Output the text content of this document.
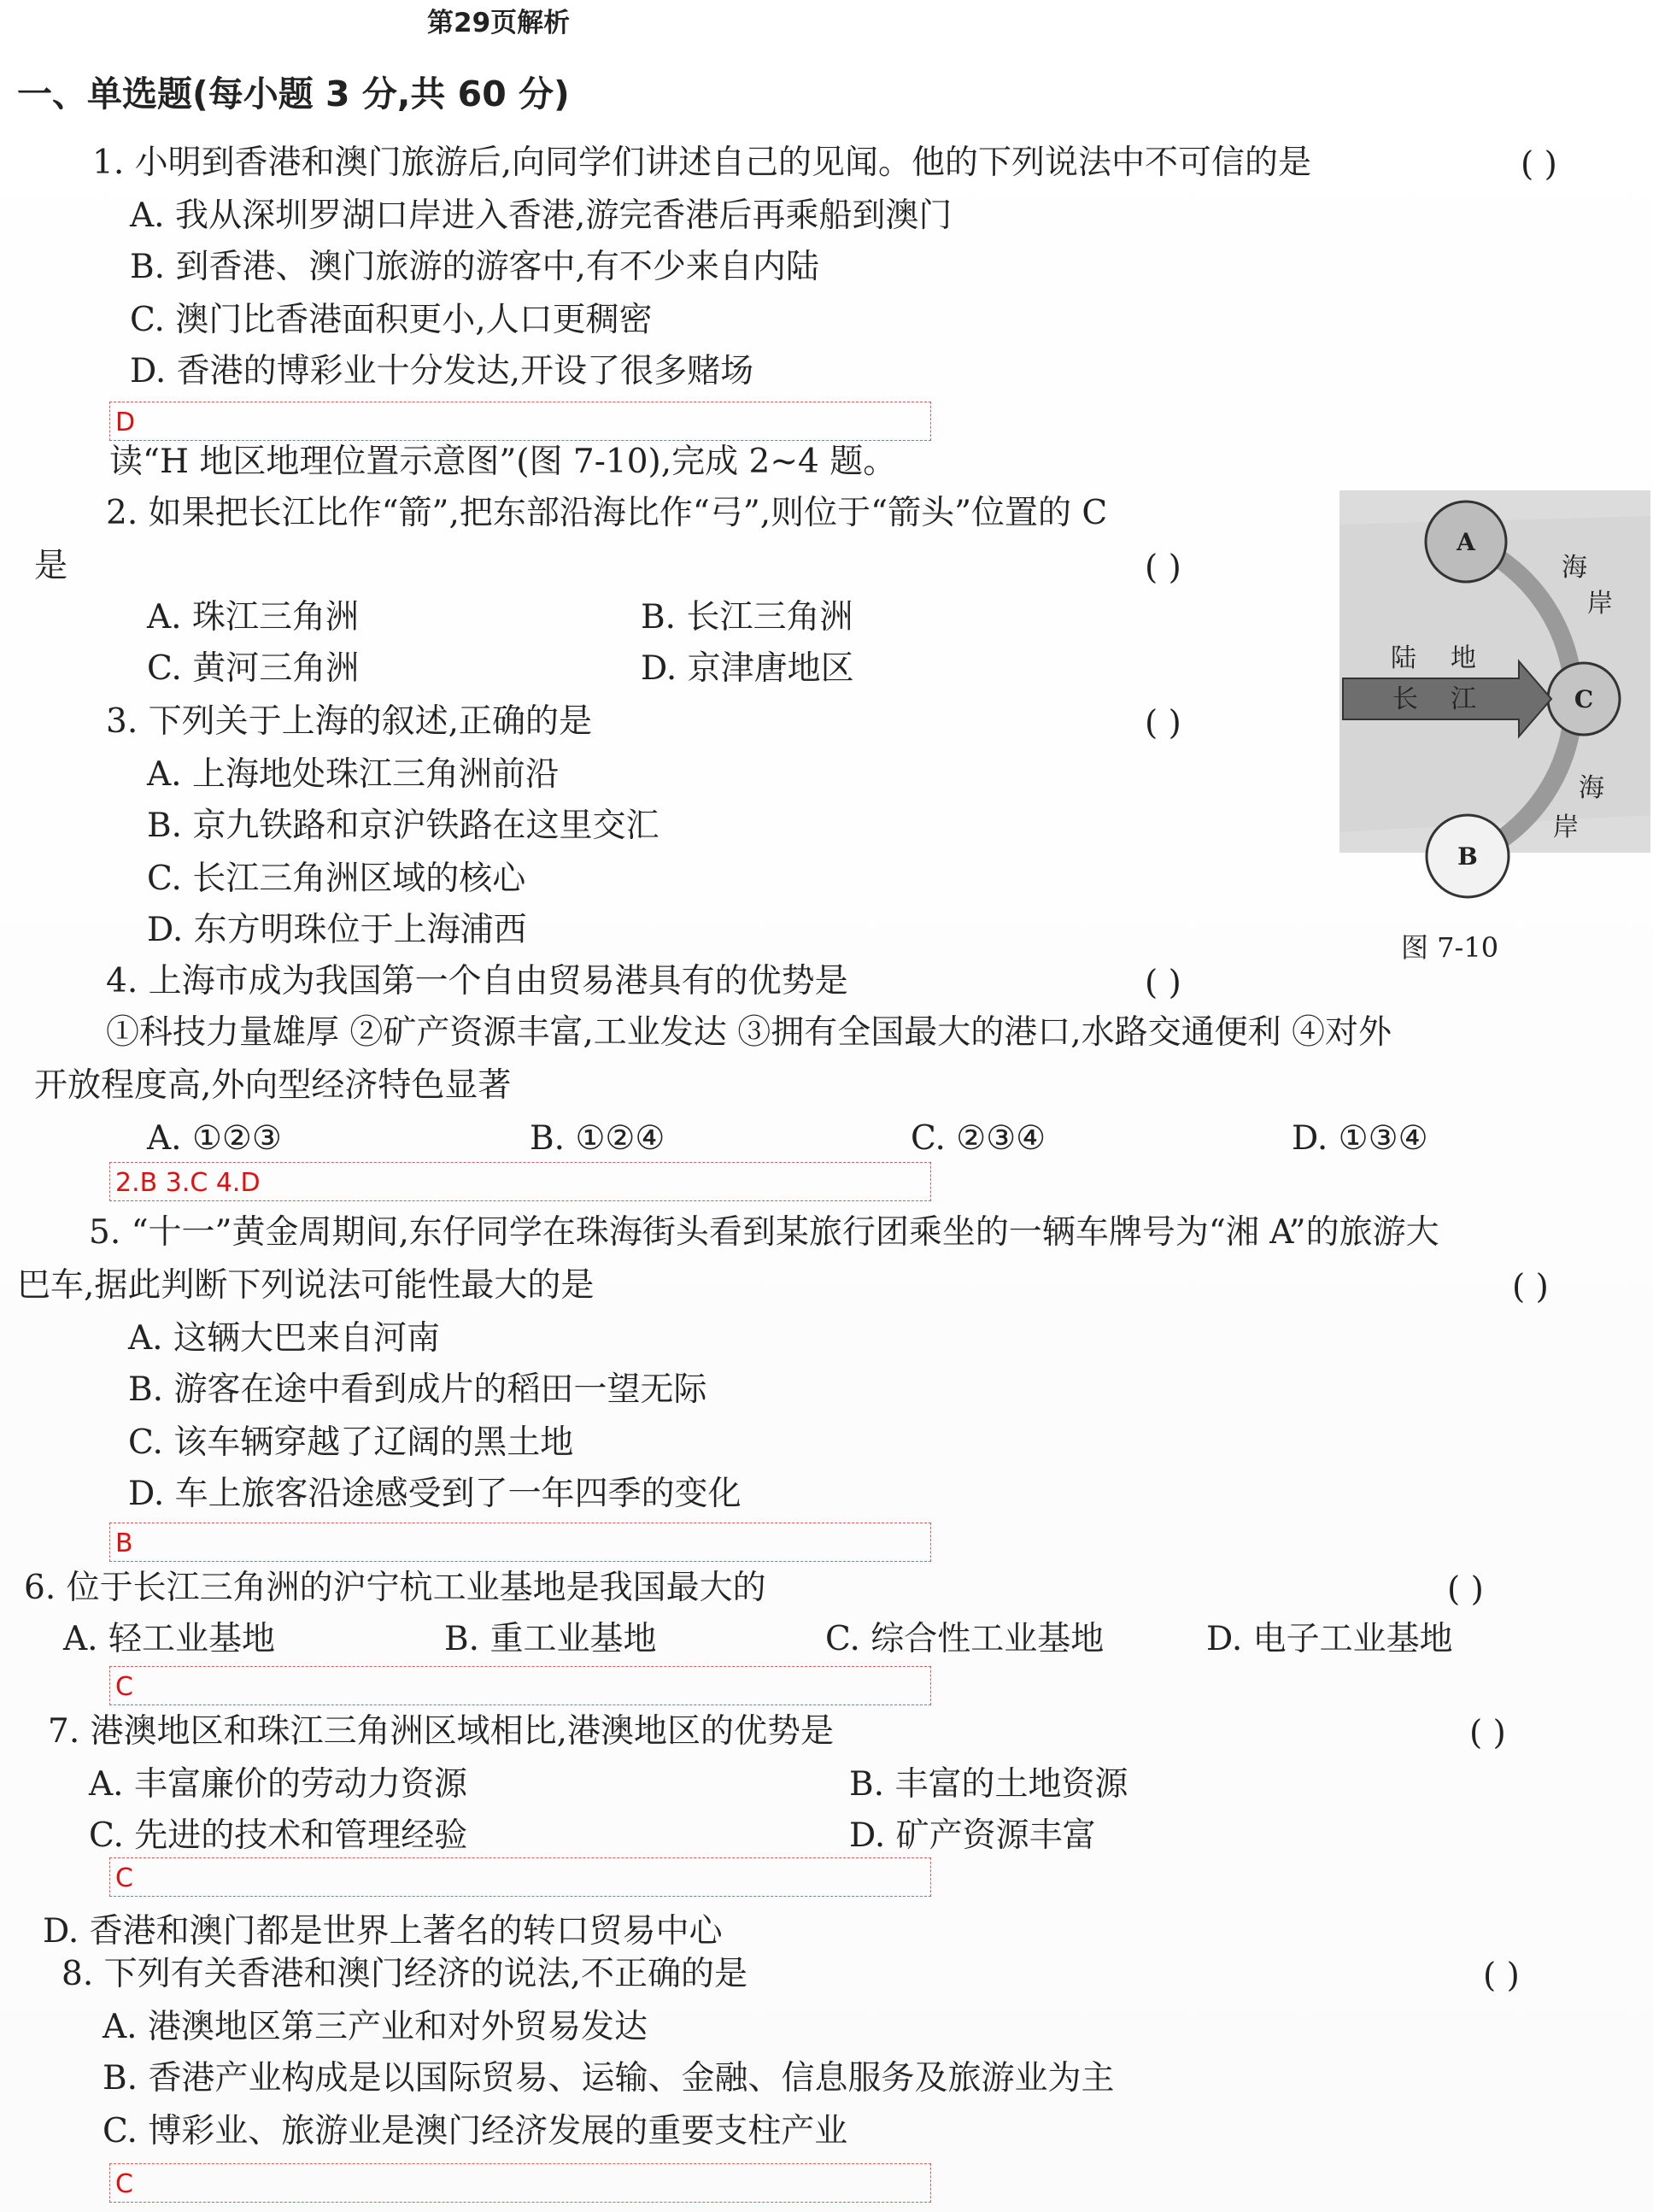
第29页解析
一、单选题(每小题 3 分,共 60 分)
1. 小明到香港和澳门旅游后,向同学们讲述自己的见闻。他的下列说法中不可信的是	( )
A. 我从深圳罗湖口岸进入香港,游完香港后再乘船到澳门
B. 到香港、澳门旅游的游客中,有不少来自内陆
C. 澳门比香港面积更小,人口更稠密
D. 香港的博彩业十分发达,开设了很多赌场
D
读“H 地区地理位置示意图”(图 7-10),完成 2~4 题。
2. 如果把长江比作“箭”,把东部沿海比作“弓”,则位于“箭头”位置的 C
是	( )
A. 珠江三角洲	B. 长江三角洲
C. 黄河三角洲	D. 京津唐地区
3. 下列关于上海的叙述,正确的是	( )
A. 上海地处珠江三角洲前沿
B. 京九铁路和京沪铁路在这里交汇
C. 长江三角洲区域的核心
D. 东方明珠位于上海浦西
4. 上海市成为我国第一个自由贸易港具有的优势是	( )
①科技力量雄厚 ②矿产资源丰富,工业发达 ③拥有全国最大的港口,水路交通便利 ④对外
开放程度高,外向型经济特色显著
A. ①②③	B. ①②④	C. ②③④	D. ①③④
2.B 3.C 4.D
A
C
B
海
岸
陆 地
长 江
海
岸
图 7-10
5. “十一”黄金周期间,东仔同学在珠海街头看到某旅行团乘坐的一辆车牌号为“湘 A”的旅游大
巴车,据此判断下列说法可能性最大的是	( )
A. 这辆大巴来自河南
B. 游客在途中看到成片的稻田一望无际
C. 该车辆穿越了辽阔的黑土地
D. 车上旅客沿途感受到了一年四季的变化
B
6. 位于长江三角洲的沪宁杭工业基地是我国最大的	( )
A. 轻工业基地	B. 重工业基地	C. 综合性工业基地	D. 电子工业基地
C
7. 港澳地区和珠江三角洲区域相比,港澳地区的优势是	( )
A. 丰富廉价的劳动力资源	B. 丰富的土地资源
C. 先进的技术和管理经验	D. 矿产资源丰富
C
D. 香港和澳门都是世界上著名的转口贸易中心
8. 下列有关香港和澳门经济的说法,不正确的是	( )
A. 港澳地区第三产业和对外贸易发达
B. 香港产业构成是以国际贸易、运输、金融、信息服务及旅游业为主
C. 博彩业、旅游业是澳门经济发展的重要支柱产业
C
